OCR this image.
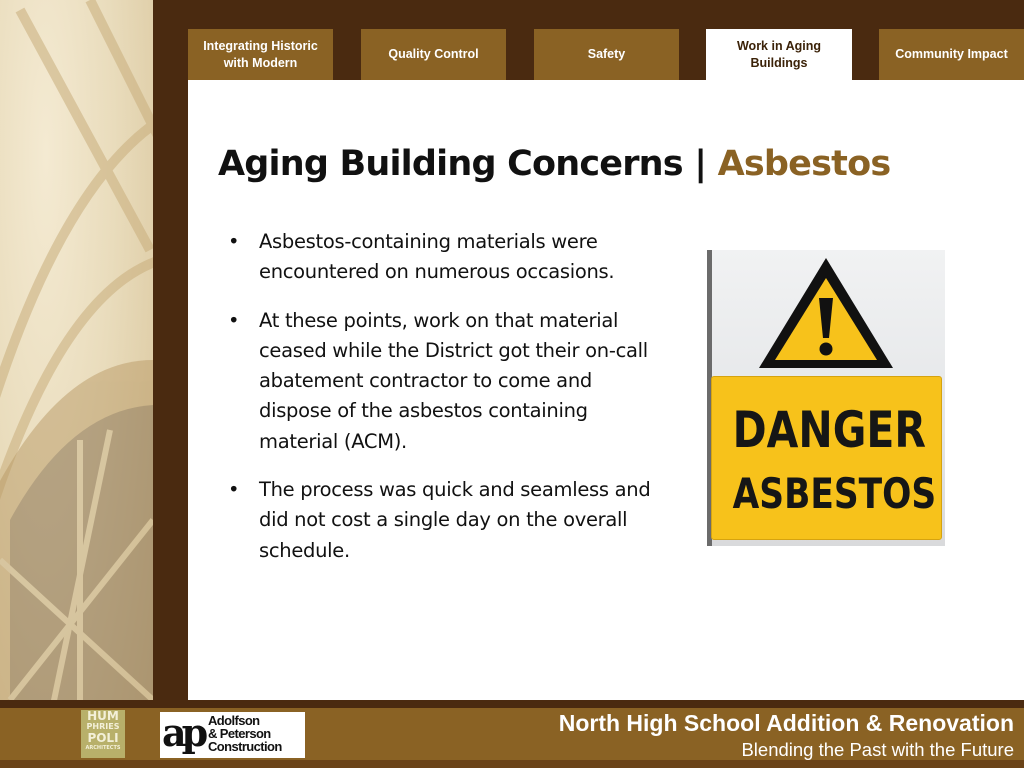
Integrating Historic with Modern
Quality Control	Safety
Work in Aging Buildings
Community Impact
Aging Building Concerns | Asbestos
• Asbestos-containing materials were encountered on numerous occasions.
• At these points, work on that material ceased while the District got their on-call abatement contractor to come and dispose of the asbestos containing material (ACM).
• The process was quick and seamless and did not cost a single day on the overall schedule.
DANGER
ASBESTOS
HUM
PHRIES
POLI
ARCHITECTS ap Adolfson
& Peterson
Construction
North High School Addition & Renovation
Blending the Past with the Future
